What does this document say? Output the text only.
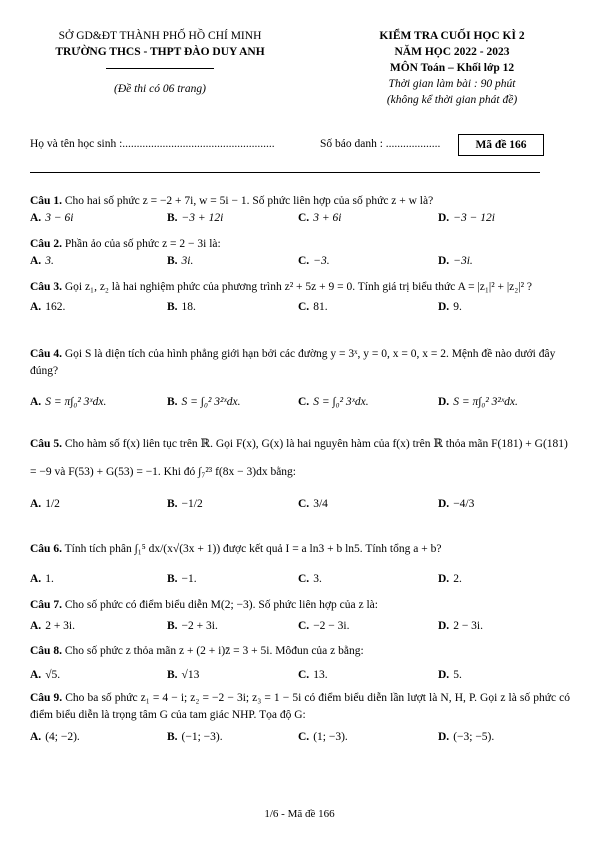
SỞ GD&ĐT THÀNH PHỐ HỒ CHÍ MINH
TRƯỜNG THCS - THPT ĐÀO DUY ANH
(Đề thi có 06 trang)
KIỂM TRA CUỐI HỌC KÌ 2
NĂM HỌC 2022 - 2023
MÔN Toán – Khối lớp 12
Thời gian làm bài : 90 phút
(không kể thời gian phát đề)
Họ và tên học sinh :.....................................................	Số báo danh : ...................	Mã đề 166
Câu 1. Cho hai số phức z = −2 + 7i, w = 5i − 1. Số phức liên hợp của số phức z + w là?
A. 3 − 6i	B. −3 + 12i	C. 3 + 6i	D. −3 − 12i
Câu 2. Phần ảo của số phức z = 2 − 3i là:
A. 3.	B. 3i.	C. −3.	D. −3i.
Câu 3. Gọi z₁, z₂ là hai nghiệm phức của phương trình z² + 5z + 9 = 0. Tính giá trị biểu thức A = |z₁|² + |z₂|² ?
A. 162.	B. 18.	C. 81.	D. 9.
Câu 4. Gọi S là diện tích của hình phẳng giới hạn bởi các đường y = 3ˣ, y = 0, x = 0, x = 2. Mệnh đề nào dưới đây đúng?
A. S = π∫₀² 3ˣdx.	B. S = ∫₀² 3²ˣdx.	C. S = ∫₀² 3ˣdx.	D. S = π∫₀² 3²ˣdx.
Câu 5. Cho hàm số f(x) liên tục trên ℝ. Gọi F(x), G(x) là hai nguyên hàm của f(x) trên ℝ thỏa mãn F(181) + G(181) = −9 và F(53) + G(53) = −1. Khi đó ∫₇²³ f(8x − 3)dx bằng:
A. 1/2	B. −1/2	C. 3/4	D. −4/3
Câu 6. Tính tích phân ∫₁⁵ dx/(x√(3x + 1)) được kết quả I = a ln3 + b ln5. Tính tổng a + b?
A. 1.	B. −1.	C. 3.	D. 2.
Câu 7. Cho số phức có điểm biểu diễn M(2; −3). Số phức liên hợp của z là:
A. 2 + 3i.	B. −2 + 3i.	C. −2 − 3i.	D. 2 − 3i.
Câu 8. Cho số phức z thỏa mãn z + (2 + i)z̄ = 3 + 5i. Môđun của z bằng:
A. √5.	B. √13	C. 13.	D. 5.
Câu 9. Cho ba số phức z₁ = 4 − i; z₂ = −2 − 3i; z₃ = 1 − 5i có điểm biểu diễn lần lượt là N, H, P. Gọi z là số phức có điểm biểu diễn là trọng tâm G của tam giác NHP. Tọa độ G:
A. (4; −2).	B. (−1; −3).	C. (1; −3).	D. (−3; −5).
1/6 - Mã đề 166
